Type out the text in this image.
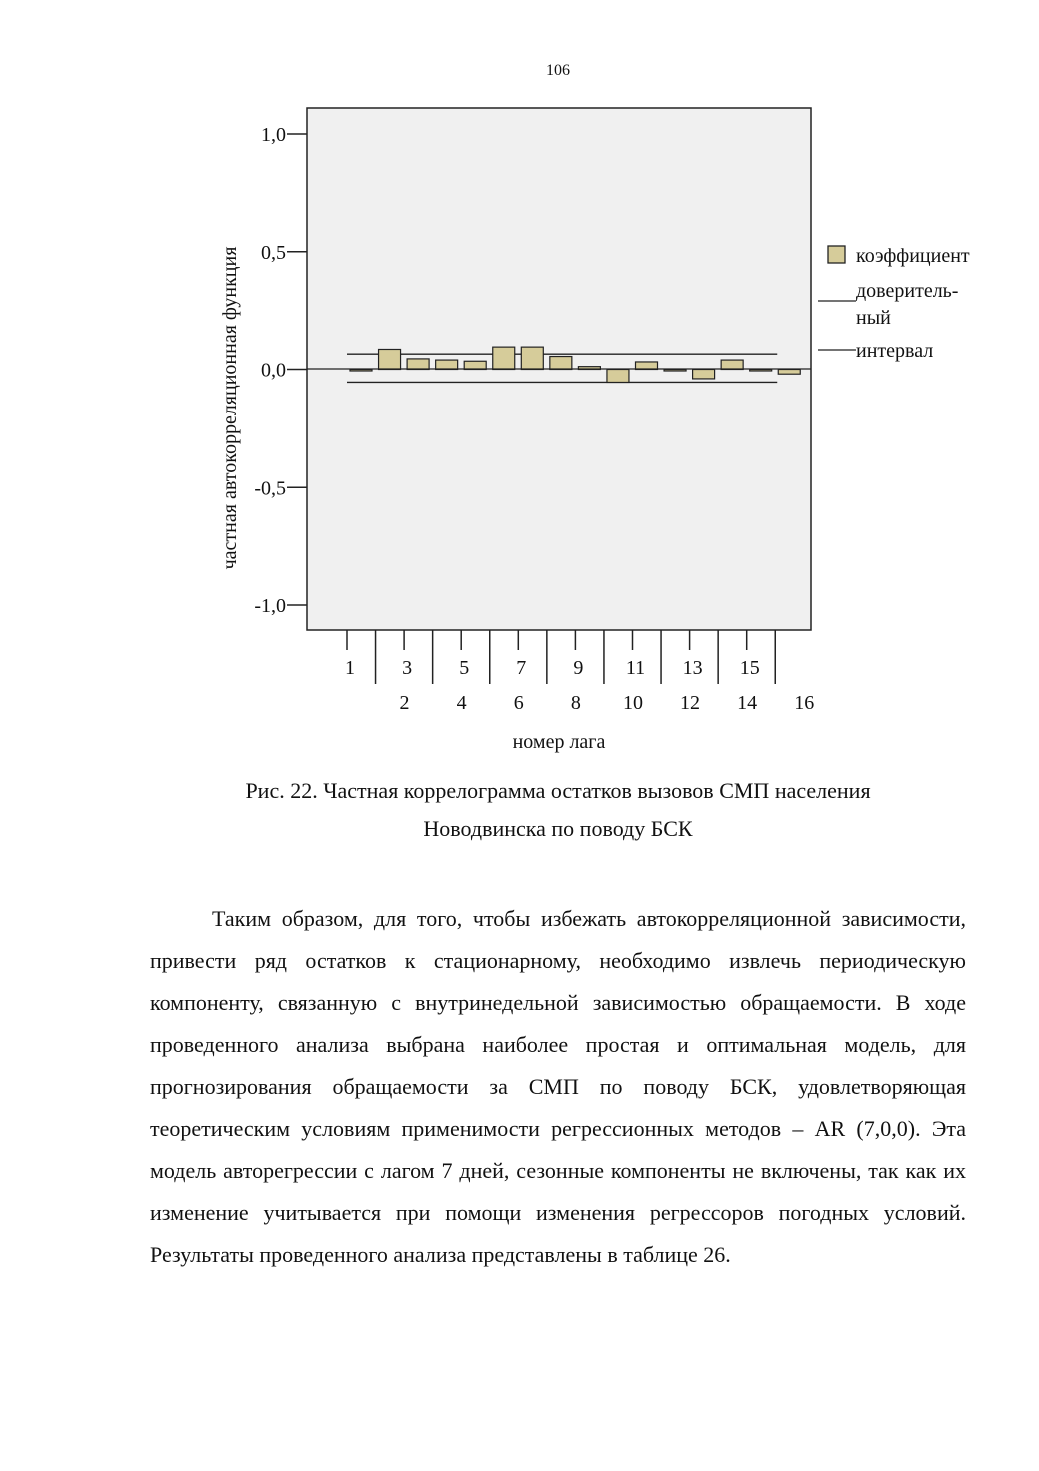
106
1,0
0,5
0,0
-0,5
-1,0
1
2
3
4
5
6
7
8
9
10
11
12
13
14
15
16
частная автокорреляционная функция
номер лага
коэффициент
доверитель-
ный
интервал
Рис. 22. Частная коррелограмма остатков вызовов СМП населения
Новодвинска по поводу БСК

Таким образом, для того, чтобы избежать автокорреляционной зависимости, привести ряд остатков к стационарному, необходимо извлечь периодическую компоненту, связанную с внутринедельной зависимостью обращаемости. В ходе проведенного анализа выбрана наиболее простая и оптимальная модель, для прогнозирования обращаемости за СМП по поводу БСК, удовлетворяющая теоретическим условиям применимости регрессионных методов – AR (7,0,0). Эта модель авторегрессии с лагом 7 дней, сезонные компоненты не включены, так как их изменение учитывается при помощи изменения регрессоров погодных условий. Результаты проведенного анализа представлены в таблице 26.
